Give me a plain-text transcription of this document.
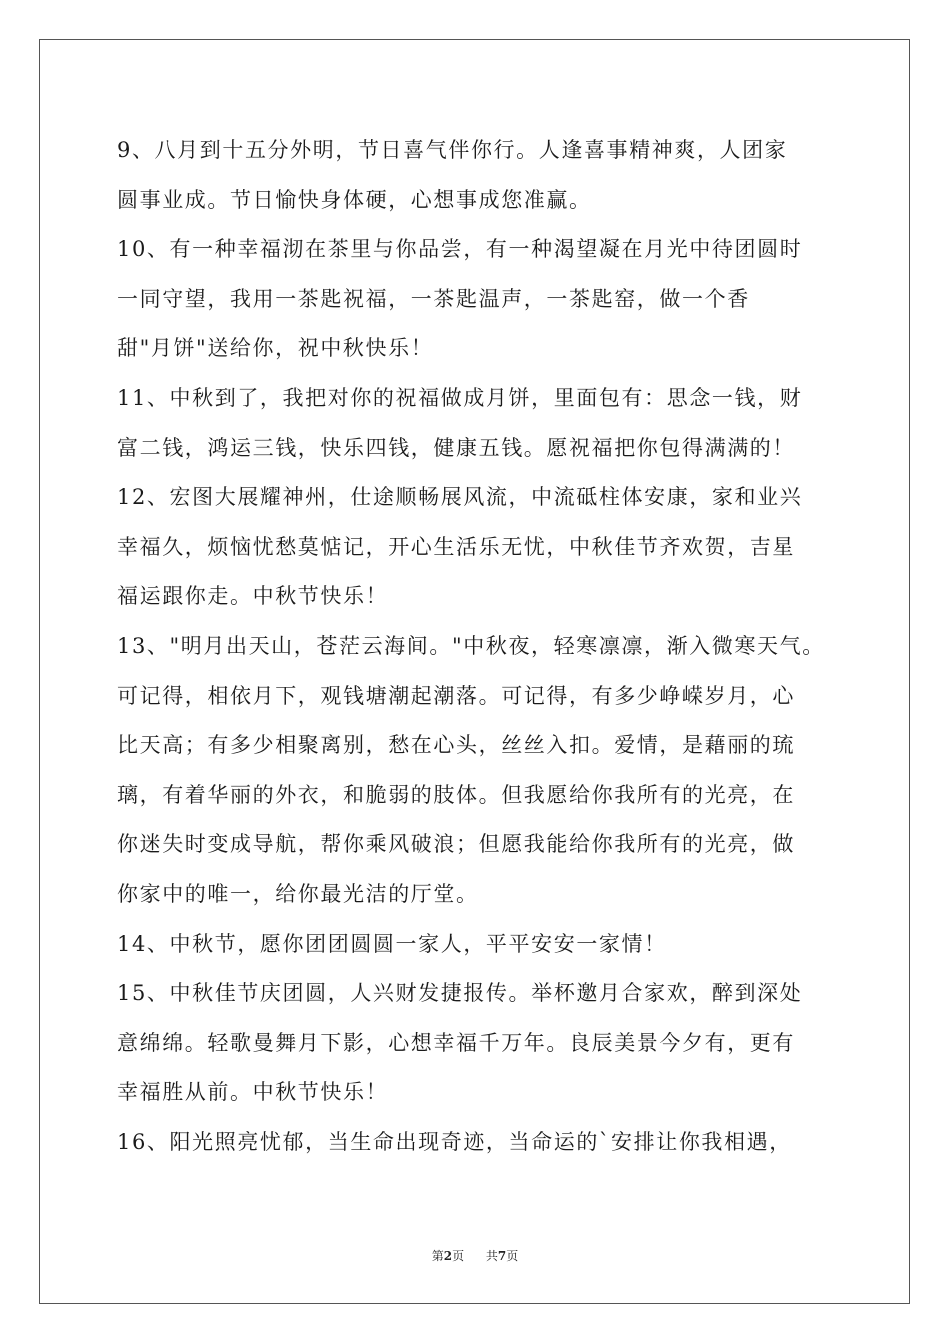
9、八月到十五分外明，节日喜气伴你行。人逢喜事精神爽，人团家
圆事业成。节日愉快身体硬，心想事成您准赢。
10、有一种幸福沏在茶里与你品尝，有一种渴望凝在月光中待团圆时
一同守望，我用一茶匙祝福，一茶匙温声，一茶匙窑，做一个香
甜"月饼"送给你，祝中秋快乐！
11、中秋到了，我把对你的祝福做成月饼，里面包有：思念一钱，财
富二钱，鸿运三钱，快乐四钱，健康五钱。愿祝福把你包得满满的！
12、宏图大展耀神州，仕途顺畅展风流，中流砥柱体安康，家和业兴
幸福久，烦恼忧愁莫惦记，开心生活乐无忧，中秋佳节齐欢贺，吉星
福运跟你走。中秋节快乐！
13、"明月出天山，苍茫云海间。"中秋夜，轻寒凛凛，渐入微寒天气。
可记得，相依月下，观钱塘潮起潮落。可记得，有多少峥嵘岁月，心
比天高；有多少相聚离别，愁在心头，丝丝入扣。爱情，是藉丽的琉
璃，有着华丽的外衣，和脆弱的肢体。但我愿给你我所有的光亮，在
你迷失时变成导航，帮你乘风破浪；但愿我能给你我所有的光亮，做
你家中的唯一，给你最光洁的厅堂。
14、中秋节，愿你团团圆圆一家人，平平安安一家情！
15、中秋佳节庆团圆，人兴财发捷报传。举杯邀月合家欢，醉到深处
意绵绵。轻歌曼舞月下影，心想幸福千万年。良辰美景今夕有，更有
幸福胜从前。中秋节快乐！
16、阳光照亮忧郁，当生命出现奇迹，当命运的`安排让你我相遇，
第2页 共7页
